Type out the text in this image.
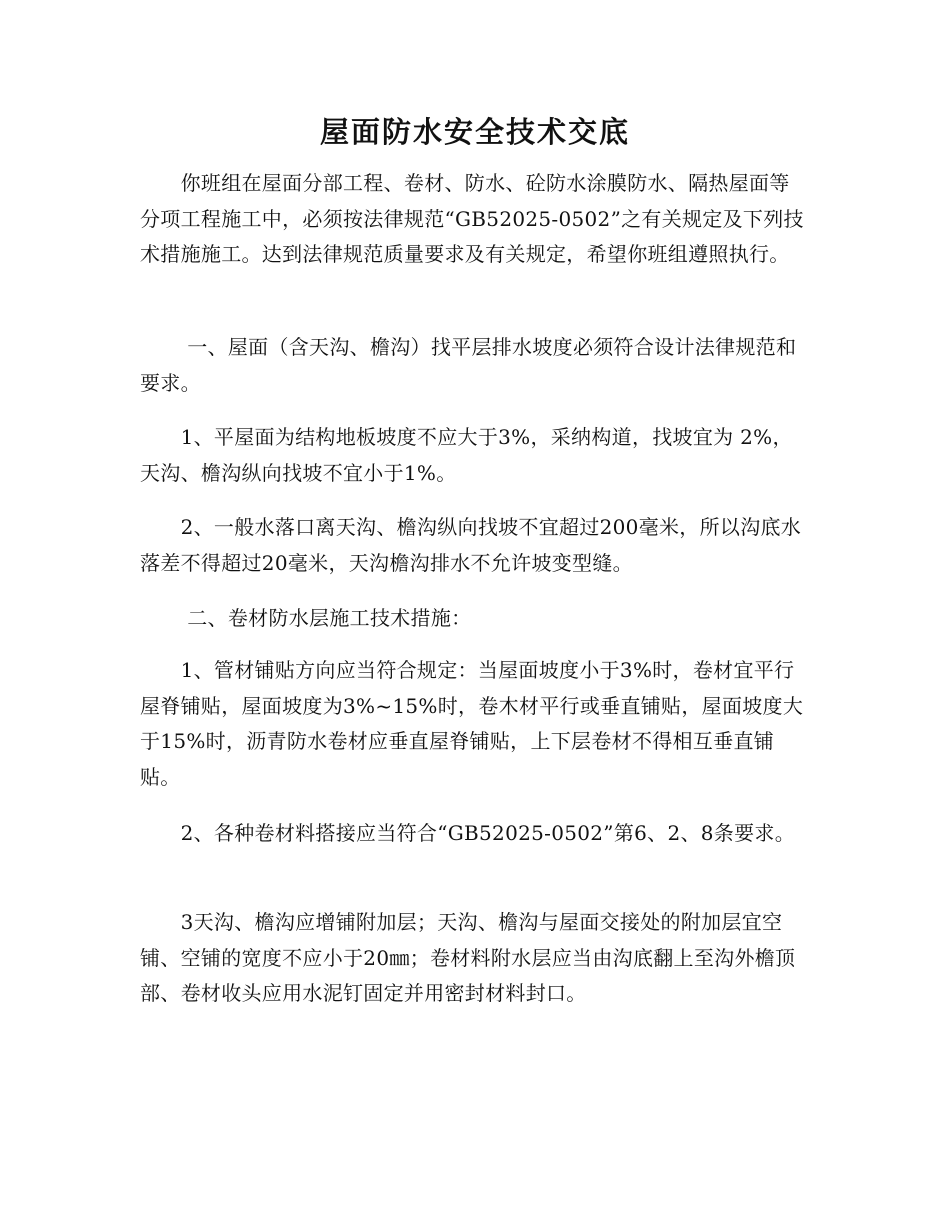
屋面防水安全技术交底

　　你班组在屋面分部工程、卷材、防水、砼防水涂膜防水、隔热屋面等分项工程施工中，必须按法律规范“GB52025-0502”之有关规定及下列技术措施施工。达到法律规范质量要求及有关规定，希望你班组遵照执行。

　　 一、屋面（含天沟、檐沟）找平层排水坡度必须符合设计法律规范和要求。

　　1、平屋面为结构地板坡度不应大于3%，采纳构道，找坡宜为 2%，天沟、檐沟纵向找坡不宜小于1%。

　　2、一般水落口离天沟、檐沟纵向找坡不宜超过200毫米，所以沟底水落差不得超过20毫米，天沟檐沟排水不允许坡变型缝。

　　 二、卷材防水层施工技术措施：

　　1、管材铺贴方向应当符合规定：当屋面坡度小于3%时，卷材宜平行屋脊铺贴，屋面坡度为3%~15%时，卷木材平行或垂直铺贴，屋面坡度大于15%时，沥青防水卷材应垂直屋脊铺贴，上下层卷材不得相互垂直铺贴。

　　2、各种卷材料搭接应当符合“GB52025-0502”第6、2、8条要求。

　　3天沟、檐沟应增铺附加层；天沟、檐沟与屋面交接处的附加层宜空铺、空铺的宽度不应小于20㎜；卷材料附水层应当由沟底翻上至沟外檐顶部、卷材收头应用水泥钉固定并用密封材料封口。
